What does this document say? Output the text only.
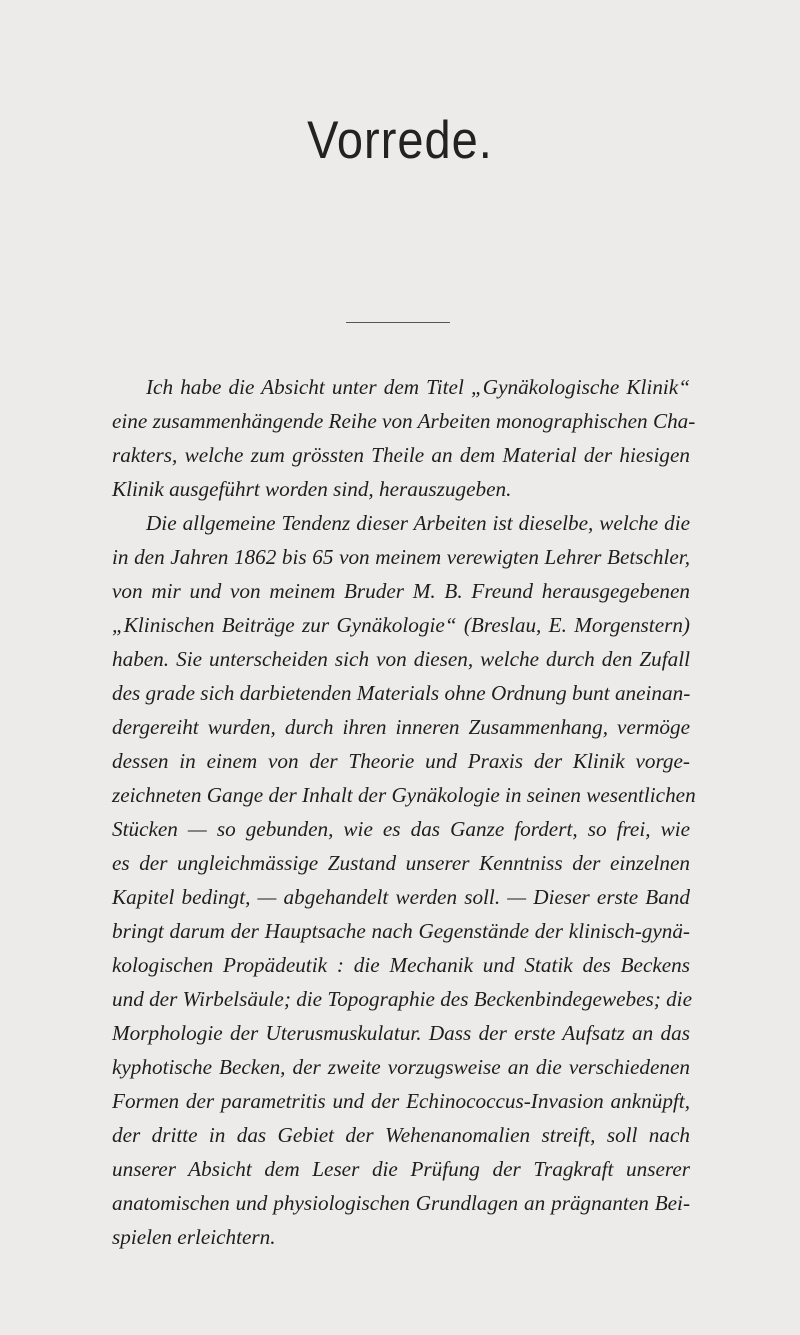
Vorrede.
Ich habe die Absicht unter dem Titel „Gynäkologische Klinik“
eine zusammenhängende Reihe von Arbeiten monographischen Cha-
rakters, welche zum grössten Theile an dem Material der hiesigen
Klinik ausgeführt worden sind, herauszugeben.
Die allgemeine Tendenz dieser Arbeiten ist dieselbe, welche die
in den Jahren 1862 bis 65 von meinem verewigten Lehrer Betschler,
von mir und von meinem Bruder M. B. Freund herausgegebenen
„Klinischen Beiträge zur Gynäkologie“ (Breslau, E. Morgenstern)
haben. Sie unterscheiden sich von diesen, welche durch den Zufall
des grade sich darbietenden Materials ohne Ordnung bunt aneinan-
dergereiht wurden, durch ihren inneren Zusammenhang, vermöge
dessen in einem von der Theorie und Praxis der Klinik vorge-
zeichneten Gange der Inhalt der Gynäkologie in seinen wesentlichen
Stücken — so gebunden, wie es das Ganze fordert, so frei, wie
es der ungleichmässige Zustand unserer Kenntniss der einzelnen
Kapitel bedingt, — abgehandelt werden soll. — Dieser erste Band
bringt darum der Hauptsache nach Gegenstände der klinisch-gynä-
kologischen Propädeutik : die Mechanik und Statik des Beckens
und der Wirbelsäule; die Topographie des Beckenbindegewebes; die
Morphologie der Uterusmuskulatur. Dass der erste Aufsatz an das
kyphotische Becken, der zweite vorzugsweise an die verschiedenen
Formen der parametritis und der Echinococcus-Invasion anknüpft,
der dritte in das Gebiet der Wehenanomalien streift, soll nach
unserer Absicht dem Leser die Prüfung der Tragkraft unserer
anatomischen und physiologischen Grundlagen an prägnanten Bei-
spielen erleichtern.
